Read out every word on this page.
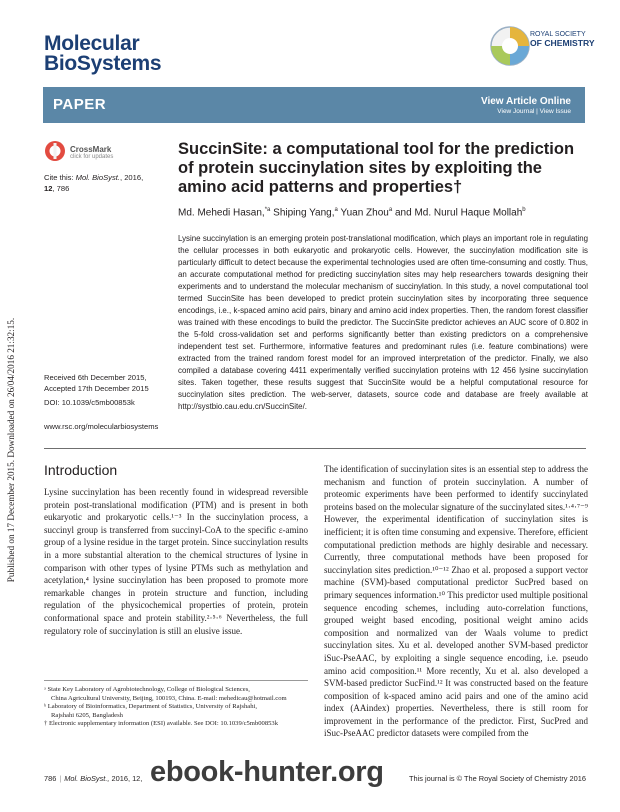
Published on 17 December 2015. Downloaded on 26/04/2016 21:32:15.
Molecular
BioSystems
ROYAL SOCIETY
OF CHEMISTRY
PAPER	View Article Online
View Journal | View Issue
CrossMark
click for updates
Cite this: Mol. BioSyst., 2016,
12, 786
Received 6th December 2015,
Accepted 17th December 2015
DOI: 10.1039/c5mb00853k
www.rsc.org/molecularbiosystems
SuccinSite: a computational tool for the prediction of protein succinylation sites by exploiting the amino acid patterns and properties†
Md. Mehedi Hasan,$^{*a}$ Shiping Yang,$^a$ Yuan Zhou$^a$ and Md. Nurul Haque Mollah$^b$
Lysine succinylation is an emerging protein post-translational modification, which plays an important role in regulating the cellular processes in both eukaryotic and prokaryotic cells. However, the succinylation modification site is particularly difficult to detect because the experimental technologies used are often time-consuming and costly. Thus, an accurate computational method for predicting succinylation sites may help researchers towards designing their experiments and to understand the molecular mechanism of succinylation. In this study, a novel computational tool termed SuccinSite has been developed to predict protein succinylation sites by incorporating three sequence encodings, i.e., k-spaced amino acid pairs, binary and amino acid index properties. Then, the random forest classifier was trained with these encodings to build the predictor. The SuccinSite predictor achieves an AUC score of 0.802 in the 5-fold cross-validation set and performs significantly better than existing predictors on a comprehensive independent test set. Furthermore, informative features and predominant rules (i.e. feature combinations) were extracted from the trained random forest model for an improved interpretation of the predictor. Finally, we also compiled a database covering 4411 experimentally verified succinylation proteins with 12 456 lysine succinylation sites. Taken together, these results suggest that SuccinSite would be a helpful computational resource for succinylation sites prediction. The web-server, datasets, source code and database are freely available at http://systbio.cau.edu.cn/SuccinSite/.
Introduction
Lysine succinylation has been recently found in widespread reversible protein post-translational modification (PTM) and is present in both eukaryotic and prokaryotic cells.¹⁻³ In the succinylation process, a succinyl group is transferred from succinyl-CoA to the specific ε-amino group of a lysine residue in the target protein. Since succinylation results in a more substantial alteration to the chemical structures of lysine in comparison with other types of lysine PTMs such as methylation and acetylation,⁴ lysine succinylation has been proposed to promote more remarkable changes in protein structure and function, including regulation of the physicochemical properties of protein, protein conformational space and protein stability.²·⁵·⁶ Nevertheless, the full regulatory role of succinylation is still an elusive issue.
The identification of succinylation sites is an essential step to address the mechanism and function of protein succinylation. A number of proteomic experiments have been performed to identify succinylated proteins based on the molecular signature of the succinylated sites.¹·⁴·⁷⁻⁹ However, the experimental identification of succinylation sites is inefficient; it is often time consuming and expensive. Therefore, efficient computational prediction methods are highly desirable and necessary. Currently, three computational methods have been proposed for succinylation sites prediction.¹⁰⁻¹² Zhao et al. proposed a support vector machine (SVM)-based computational predictor SucPred based on primary sequences information.¹⁰ This predictor used multiple positional sequence encoding schemes, including auto-correlation functions, grouped weight based encoding, positional weight amino acids composition and normalized van der Waals volume to predict succinylation sites. Xu et al. developed another SVM-based predictor iSuc-PseAAC, by exploiting a single sequence encoding, i.e. pseudo amino acid composition.¹¹ More recently, Xu et al. also developed a SVM-based predictor SucFind.¹² It was constructed based on the feature composition of k-spaced amino acid pairs and one of the amino acid index (AAindex) properties. Nevertheless, there is still room for improvement in the performance of the predictor. First, SucPred and iSuc-PseAAC predictor datasets were compiled from the
ᵃ State Key Laboratory of Agrobiotechnology, College of Biological Sciences,
China Agricultural University, Beijing, 100193, China. E-mail: mehedicau@hotmail.com
ᵇ Laboratory of Bioinformatics, Department of Statistics, University of Rajshahi,
Rajshahi 6205, Bangladesh
† Electronic supplementary information (ESI) available. See DOI: 10.1039/c5mb00853k
786 | Mol. BioSyst., 2016, 12,	This journal is © The Royal Society of Chemistry 2016
ebook-hunter.org
